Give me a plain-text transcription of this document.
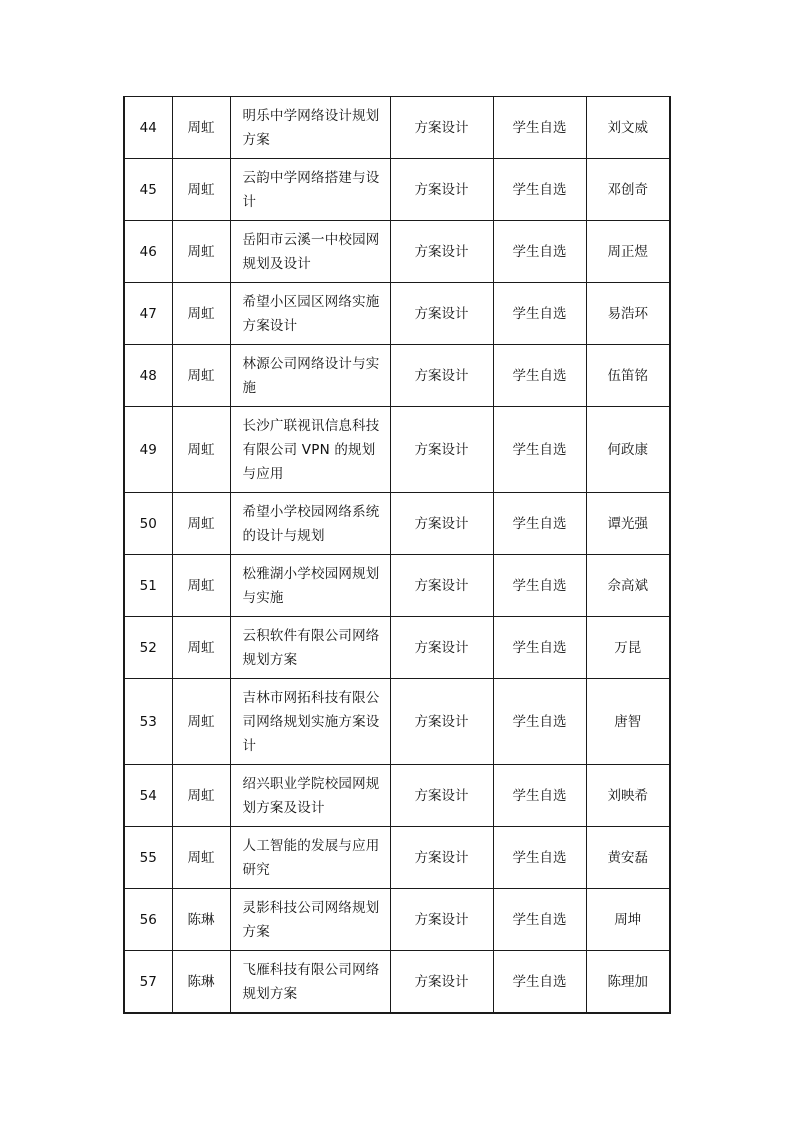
44	周虹	明乐中学网络设计规划方案	方案设计	学生自选	刘文威
45	周虹	云韵中学网络搭建与设计	方案设计	学生自选	邓创奇
46	周虹	岳阳市云溪一中校园网规划及设计	方案设计	学生自选	周正煜
47	周虹	希望小区园区网络实施方案设计	方案设计	学生自选	易浩环
48	周虹	林源公司网络设计与实施	方案设计	学生自选	伍笛铭
49	周虹	长沙广联视讯信息科技有限公司 VPN 的规划与应用	方案设计	学生自选	何政康
50	周虹	希望小学校园网络系统的设计与规划	方案设计	学生自选	谭光强
51	周虹	松雅湖小学校园网规划与实施	方案设计	学生自选	佘高斌
52	周虹	云积软件有限公司网络规划方案	方案设计	学生自选	万昆
53	周虹	吉林市网拓科技有限公司网络规划实施方案设计	方案设计	学生自选	唐智
54	周虹	绍兴职业学院校园网规划方案及设计	方案设计	学生自选	刘映希
55	周虹	人工智能的发展与应用研究	方案设计	学生自选	黄安磊
56	陈琳	灵影科技公司网络规划方案	方案设计	学生自选	周坤
57	陈琳	飞雁科技有限公司网络规划方案	方案设计	学生自选	陈理加
